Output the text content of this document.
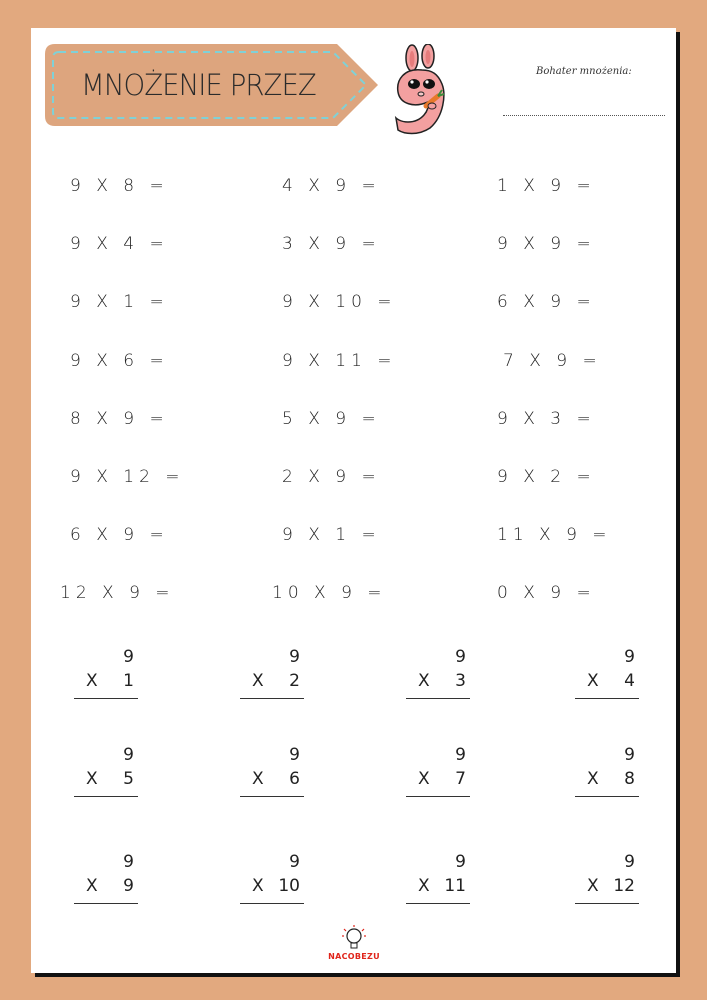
MNOŻENIE PRZEZ	Bohater mnożenia:
9 X 8 =	4 X 9 =	1 X 9 =
9 X 4 =	3 X 9 =	9 X 9 =
9 X 1 =	9 X 10 =	6 X 9 =
9 X 6 =	9 X 11 =	7 X 9 =
8 X 9 =	5 X 9 =	9 X 3 =
9 X 12 =	2 X 9 =	9 X 2 =
6 X 9 =	9 X 1 =	11 X 9 =
12 X 9 =	10 X 9 =	0 X 9 =
9
X 1
9
X 2
9
X 3
9
X 4
9
X 5
9
X 6
9
X 7
9
X 8
9
X 9
9
X 10
9
X 11
9
X 12
NACOBEZU
